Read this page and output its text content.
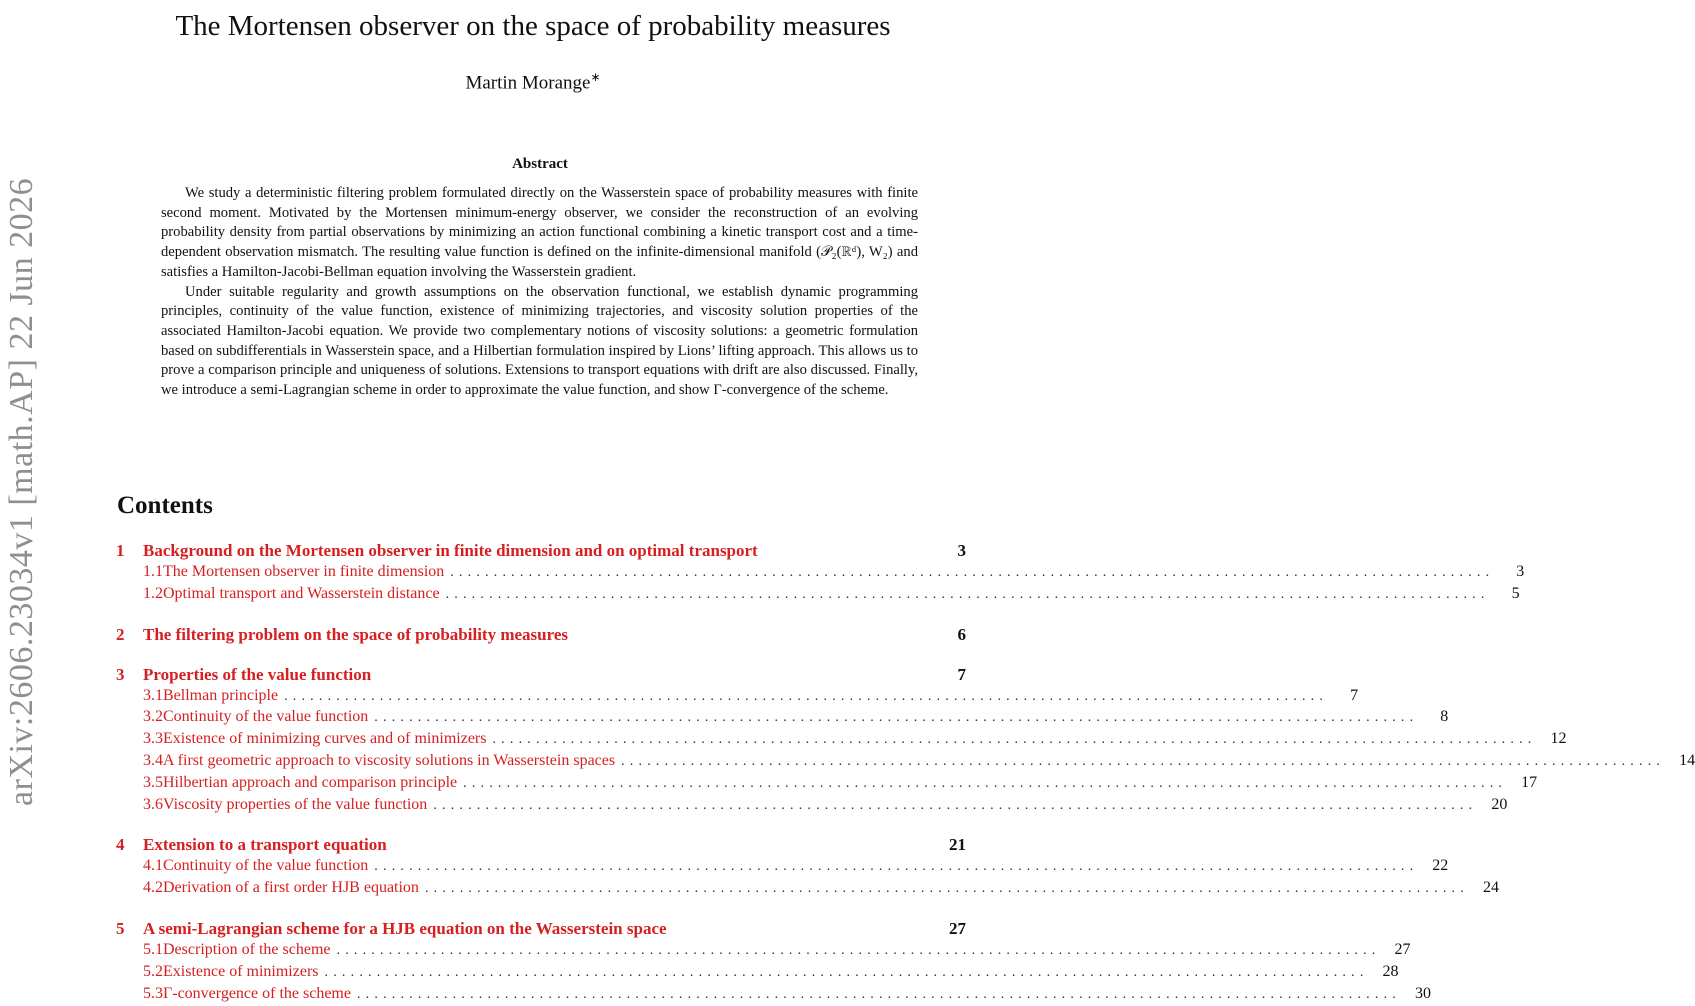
arXiv:2606.23034v1 [math.AP] 22 Jun 2026
The Mortensen observer on the space of probability measures
Martin Morange∗
Abstract

We study a deterministic filtering problem formulated directly on the Wasserstein space of probability measures with finite second moment. Motivated by the Mortensen minimum-energy observer, we consider the reconstruction of an evolving probability density from partial observations by minimizing an action functional combining a kinetic transport cost and a time-dependent observation mismatch. The resulting value function is defined on the infinite-dimensional manifold (𝒫₂(ℝᵈ), W₂) and satisfies a Hamilton-Jacobi-Bellman equation involving the Wasserstein gradient.

Under suitable regularity and growth assumptions on the observation functional, we establish dynamic programming principles, continuity of the value function, existence of minimizing trajectories, and viscosity solution properties of the associated Hamilton-Jacobi equation. We provide two complementary notions of viscosity solutions: a geometric formulation based on subdifferentials in Wasserstein space, and a Hilbertian formulation inspired by Lions’ lifting approach. This allows us to prove a comparison principle and uniqueness of solutions. Extensions to transport equations with drift are also discussed. Finally, we introduce a semi-Lagrangian scheme in order to approximate the value function, and show Γ-convergence of the scheme.

Contents
1	Background on the Mortensen observer in finite dimension and on optimal transport	3
1.1 The Mortensen observer in finite dimension ........................................................................................................................	3
1.2 Optimal transport and Wasserstein distance ........................................................................................................................	5
2	The filtering problem on the space of probability measures	6
3	Properties of the value function	7
3.1 Bellman principle ........................................................................................................................	7
3.2 Continuity of the value function ........................................................................................................................	8
3.3 Existence of minimizing curves and of minimizers ........................................................................................................................ 12
3.4 A first geometric approach to viscosity solutions in Wasserstein spaces ........................................................................................................................ 14
3.5 Hilbertian approach and comparison principle ........................................................................................................................ 17
3.6 Viscosity properties of the value function ........................................................................................................................ 20
4	Extension to a transport equation	21
4.1 Continuity of the value function ........................................................................................................................ 22
4.2 Derivation of a first order HJB equation ........................................................................................................................ 24
5	A semi-Lagrangian scheme for a HJB equation on the Wasserstein space	27
5.1 Description of the scheme ........................................................................................................................ 27
5.2 Existence of minimizers ........................................................................................................................ 28
5.3 Γ-convergence of the scheme ........................................................................................................................ 30
